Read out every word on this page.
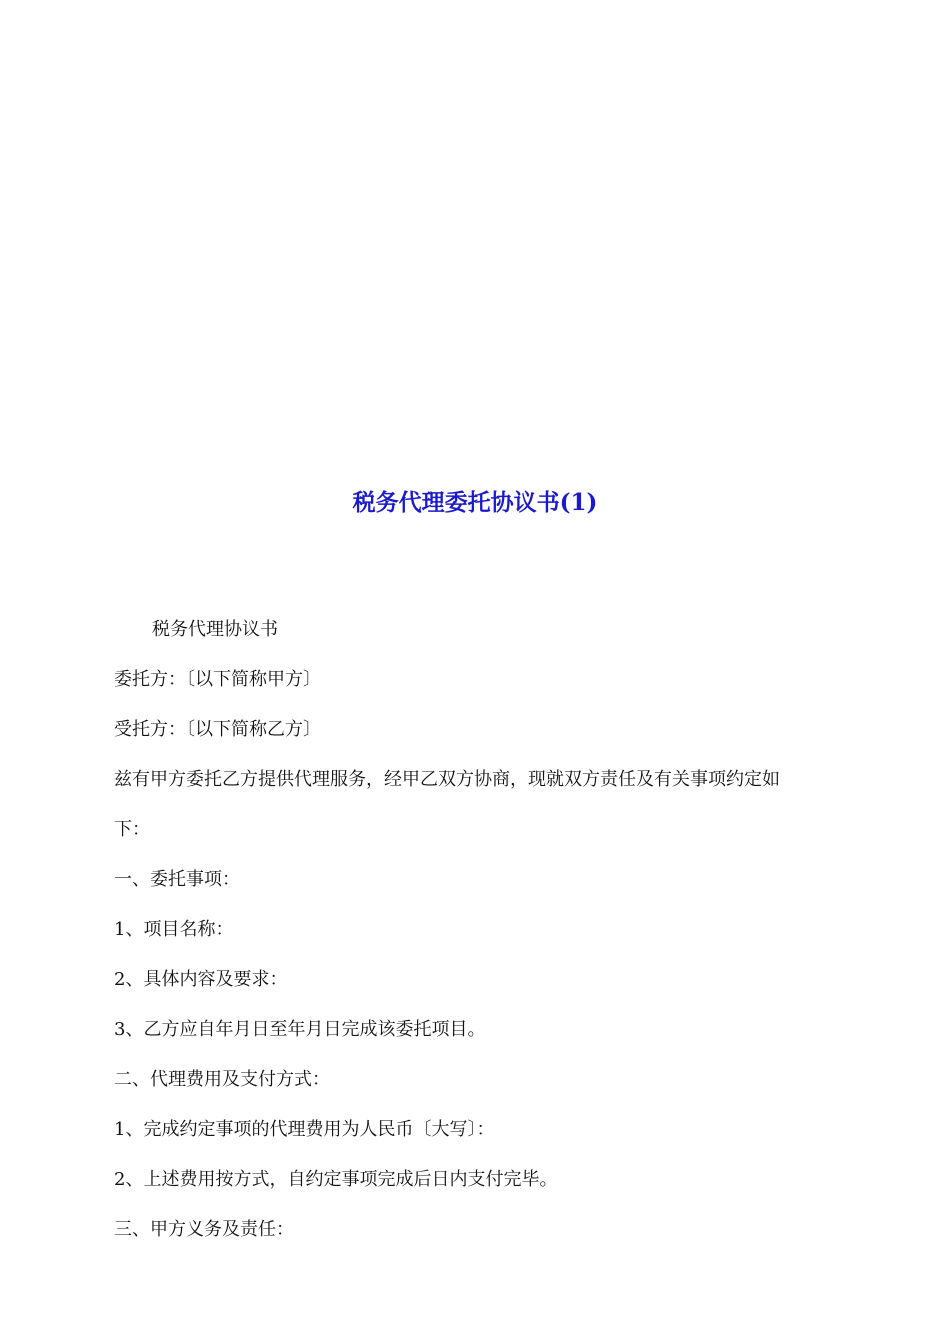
税务代理委托协议书(1)
税务代理协议书
委托方：〔以下简称甲方〕
受托方：〔以下简称乙方〕
兹有甲方委托乙方提供代理服务，经甲乙双方协商，现就双方责任及有关事项约定如
下：
一、委托事项：
1、项目名称：
2、具体内容及要求：
3、乙方应自年月日至年月日完成该委托项目。
二、代理费用及支付方式：
1、完成约定事项的代理费用为人民币〔大写〕：
2、上述费用按方式，自约定事项完成后日内支付完毕。
三、甲方义务及责任：
